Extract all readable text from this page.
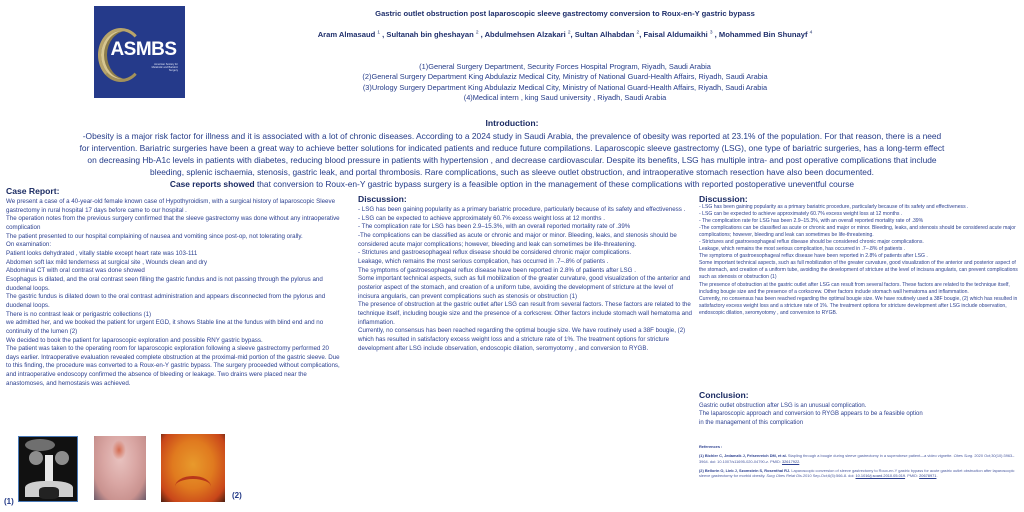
ASMBS
American Society for Metabolic and Bariatric Surgery
Gastric outlet obstruction post laparoscopic sleeve gastrectomy conversion to Roux-en-Y gastric bypass
Aram Almasaud $^1$ , Sultanah bin gheshayan $^2$ , Abdulmehsen Alzakari $^2$, Sultan Alhabdan $^2$, Faisal Aldumaikhi $^3$ , Mohammed Bin Shunayf $^4$
(1)General Surgery Department, Security Forces Hospital Program, Riyadh, Saudi Arabia
(2)General Surgery Department King Abdulaziz Medical City, Ministry of National Guard-Health Affairs, Riyadh, Saudi Arabia
(3)Urology Surgery Department King Abdulaziz Medical City, Ministry of National Guard-Health Affairs, Riyadh, Saudi Arabia
(4)Medical intern , king Saud university , Riyadh, Saudi Arabia
Introduction:
-Obesity is a major risk factor for illness and it is associated with a lot of chronic diseases. According to a 2024 study in Saudi Arabia, the prevalence of obesity was reported at 23.1% of the population. For that reason, there is a need
for intervention. Bariatric surgeries have been a great way to achieve better solutions for indicated patients and reduce future compilations. Laparoscopic sleeve gastrectomy (LSG), one type of bariatric surgeries, has a long-term effect
on decreasing Hb-A1c levels in patients with diabetes, reducing blood pressure in patients with hypertension , and decrease cardiovascular. Despite its benefits, LSG has multiple intra- and post operative complications that include
bleeding, splenic ischaemia, stenosis, gastric leak, and portal thrombosis. Rare complications, such as sleeve outlet obstruction, and intraoperative stomach resection have also been documented.
Case reports showed that conversion to Roux-en-Y gastric bypass surgery is a feasible option in the management of these complications with reported postoperative uneventful course
Case Report:

We present a case of a 40-year-old female known case of Hypothyroidism, with a surgical history of laparoscopic Sleeve gastrectomy in rural hospital 17 days before came to our hospital .

The operation notes from the previous surgery confirmed that the sleeve gastrectomy was done without any intraoperative complication

The patient presented to our hospital complaining of nausea and vomiting since post-op, not tolerating orally.

On examination:

Patient looks dehydrated , vitally stable except heart rate was 103-111

Abdomen soft lax mild tenderness at surgical site , Wounds clean and dry

Abdominal CT with oral contrast was done showed

Esophagus is dilated, and the oral contrast seen filling the gastric fundus and is not passing through the pylorus and duodenal loops.

The gastric fundus is dilated down to the oral contrast administration and appears disconnected from the pylorus and duodenal loops.

There is no contrast leak or perigastric collections (1)

we admitted her, and we booked the patient for urgent EGD, it shows Stable line at the fundus with blind end and no continuity of the lumen (2)

We decided to book the patient for laparoscopic exploration and possible RNY gastric bypass.

The patient was taken to the operating room for laparoscopic exploration following a sleeve gastrectomy performed 20 days earlier. Intraoperative evaluation revealed complete obstruction at the proximal-mid portion of the gastric sleeve. Due to this finding, the procedure was converted to a Roux-en-Y gastric bypass. The surgery proceeded without complications, and intraoperative endoscopy confirmed the absence of bleeding or leakage. Two drains were placed near the anastomoses, and hemostasis was achieved.

(1)
(2)
Discussion:

- LSG has been gaining popularity as a primary bariatric procedure, particularly because of its safety and effectiveness .

- LSG can be expected to achieve approximately 60.7% excess weight loss at 12 months .

- The complication rate for LSG has been 2.9–15.3%, with an overall reported mortality rate of .39%

-The complications can be classified as acute or chronic and major or minor. Bleeding, leaks, and stenosis should be considered acute major complications; however, bleeding and leak can sometimes be life-threatening.

- Strictures and gastroesophageal reflux disease should be considered chronic major complications.

Leakage, which remains the most serious complication, has occurred in .7–.8% of patients .

The symptoms of gastroesophageal reflux disease have been reported in 2.8% of patients after LSG .

Some important technical aspects, such as full mobilization of the greater curvature, good visualization of the anterior and posterior aspect of the stomach, and creation of a uniform tube, avoiding the development of stricture at the level of incisura angularis, can prevent complications such as stenosis or obstruction (1)

The presence of obstruction at the gastric outlet after LSG can result from several factors. These factors are related to the technique itself, including bougie size and the presence of a corkscrew. Other factors include stomach wall hematoma and inflammation.

Currently, no consensus has been reached regarding the optimal bougie size. We have routinely used a 38F bougie, (2) which has resulted in satisfactory excess weight loss and a stricture rate of 1%. The treatment options for stricture development after LSG include observation, endoscopic dilation, seromyotomy , and conversion to RYGB.

Discussion:

- LSG has been gaining popularity as a primary bariatric procedure, particularly because of its safety and effectiveness .

- LSG can be expected to achieve approximately 60.7% excess weight loss at 12 months .

- The complication rate for LSG has been 2.9–15.3%, with an overall reported mortality rate of .39%

-The complications can be classified as acute or chronic and major or minor. Bleeding, leaks, and stenosis should be considered acute major complications; however, bleeding and leak can sometimes be life-threatening.

- Strictures and gastroesophageal reflux disease should be considered chronic major complications.

Leakage, which remains the most serious complication, has occurred in .7–.8% of patients .

The symptoms of gastroesophageal reflux disease have been reported in 2.8% of patients after LSG .

Some important technical aspects, such as full mobilization of the greater curvature, good visualization of the anterior and posterior aspect of the stomach, and creation of a uniform tube, avoiding the development of stricture at the level of incisura angularis, can prevent complications such as stenosis or obstruction (1)

The presence of obstruction at the gastric outlet after LSG can result from several factors. These factors are related to the technique itself, including bougie size and the presence of a corkscrew. Other factors include stomach wall hematoma and inflammation.

Currently, no consensus has been reached regarding the optimal bougie size. We have routinely used a 38F bougie, (2) which has resulted in satisfactory excess weight loss and a stricture rate of 1%. The treatment options for stricture development after LSG include observation, endoscopic dilation, seromyotomy , and conversion to RYGB.

Conclusion:

Gastric outlet obstruction after LSG is an unusual complication.

The laparoscopic approach and conversion to RYGB appears to be a feasible option

in the management of this complication

References :

(1) Bichler C, Jedamzik J, Felsenreich DM, et al. Stapling through a bougie during sleeve gastrectomy in a superobese patient—a video vignette. Obes Surg. 2020 Oct;30(10):3963–3964. doi: 10.1007/s11695-020-04790-z. PMID: 32617922.

(2) Bellorin O, Lieb J, Szomstein S, Rosenthal RJ. Laparoscopic conversion of sleeve gastrectomy to Roux-en-Y gastric bypass for acute gastric outlet obstruction after laparoscopic sleeve gastrectomy for morbid obesity. Surg Obes Relat Dis.2010 Sep-Oct;6(5):566-8. doi: 10.1016/j.soard.2010.05.019. PMID: 20678971.
